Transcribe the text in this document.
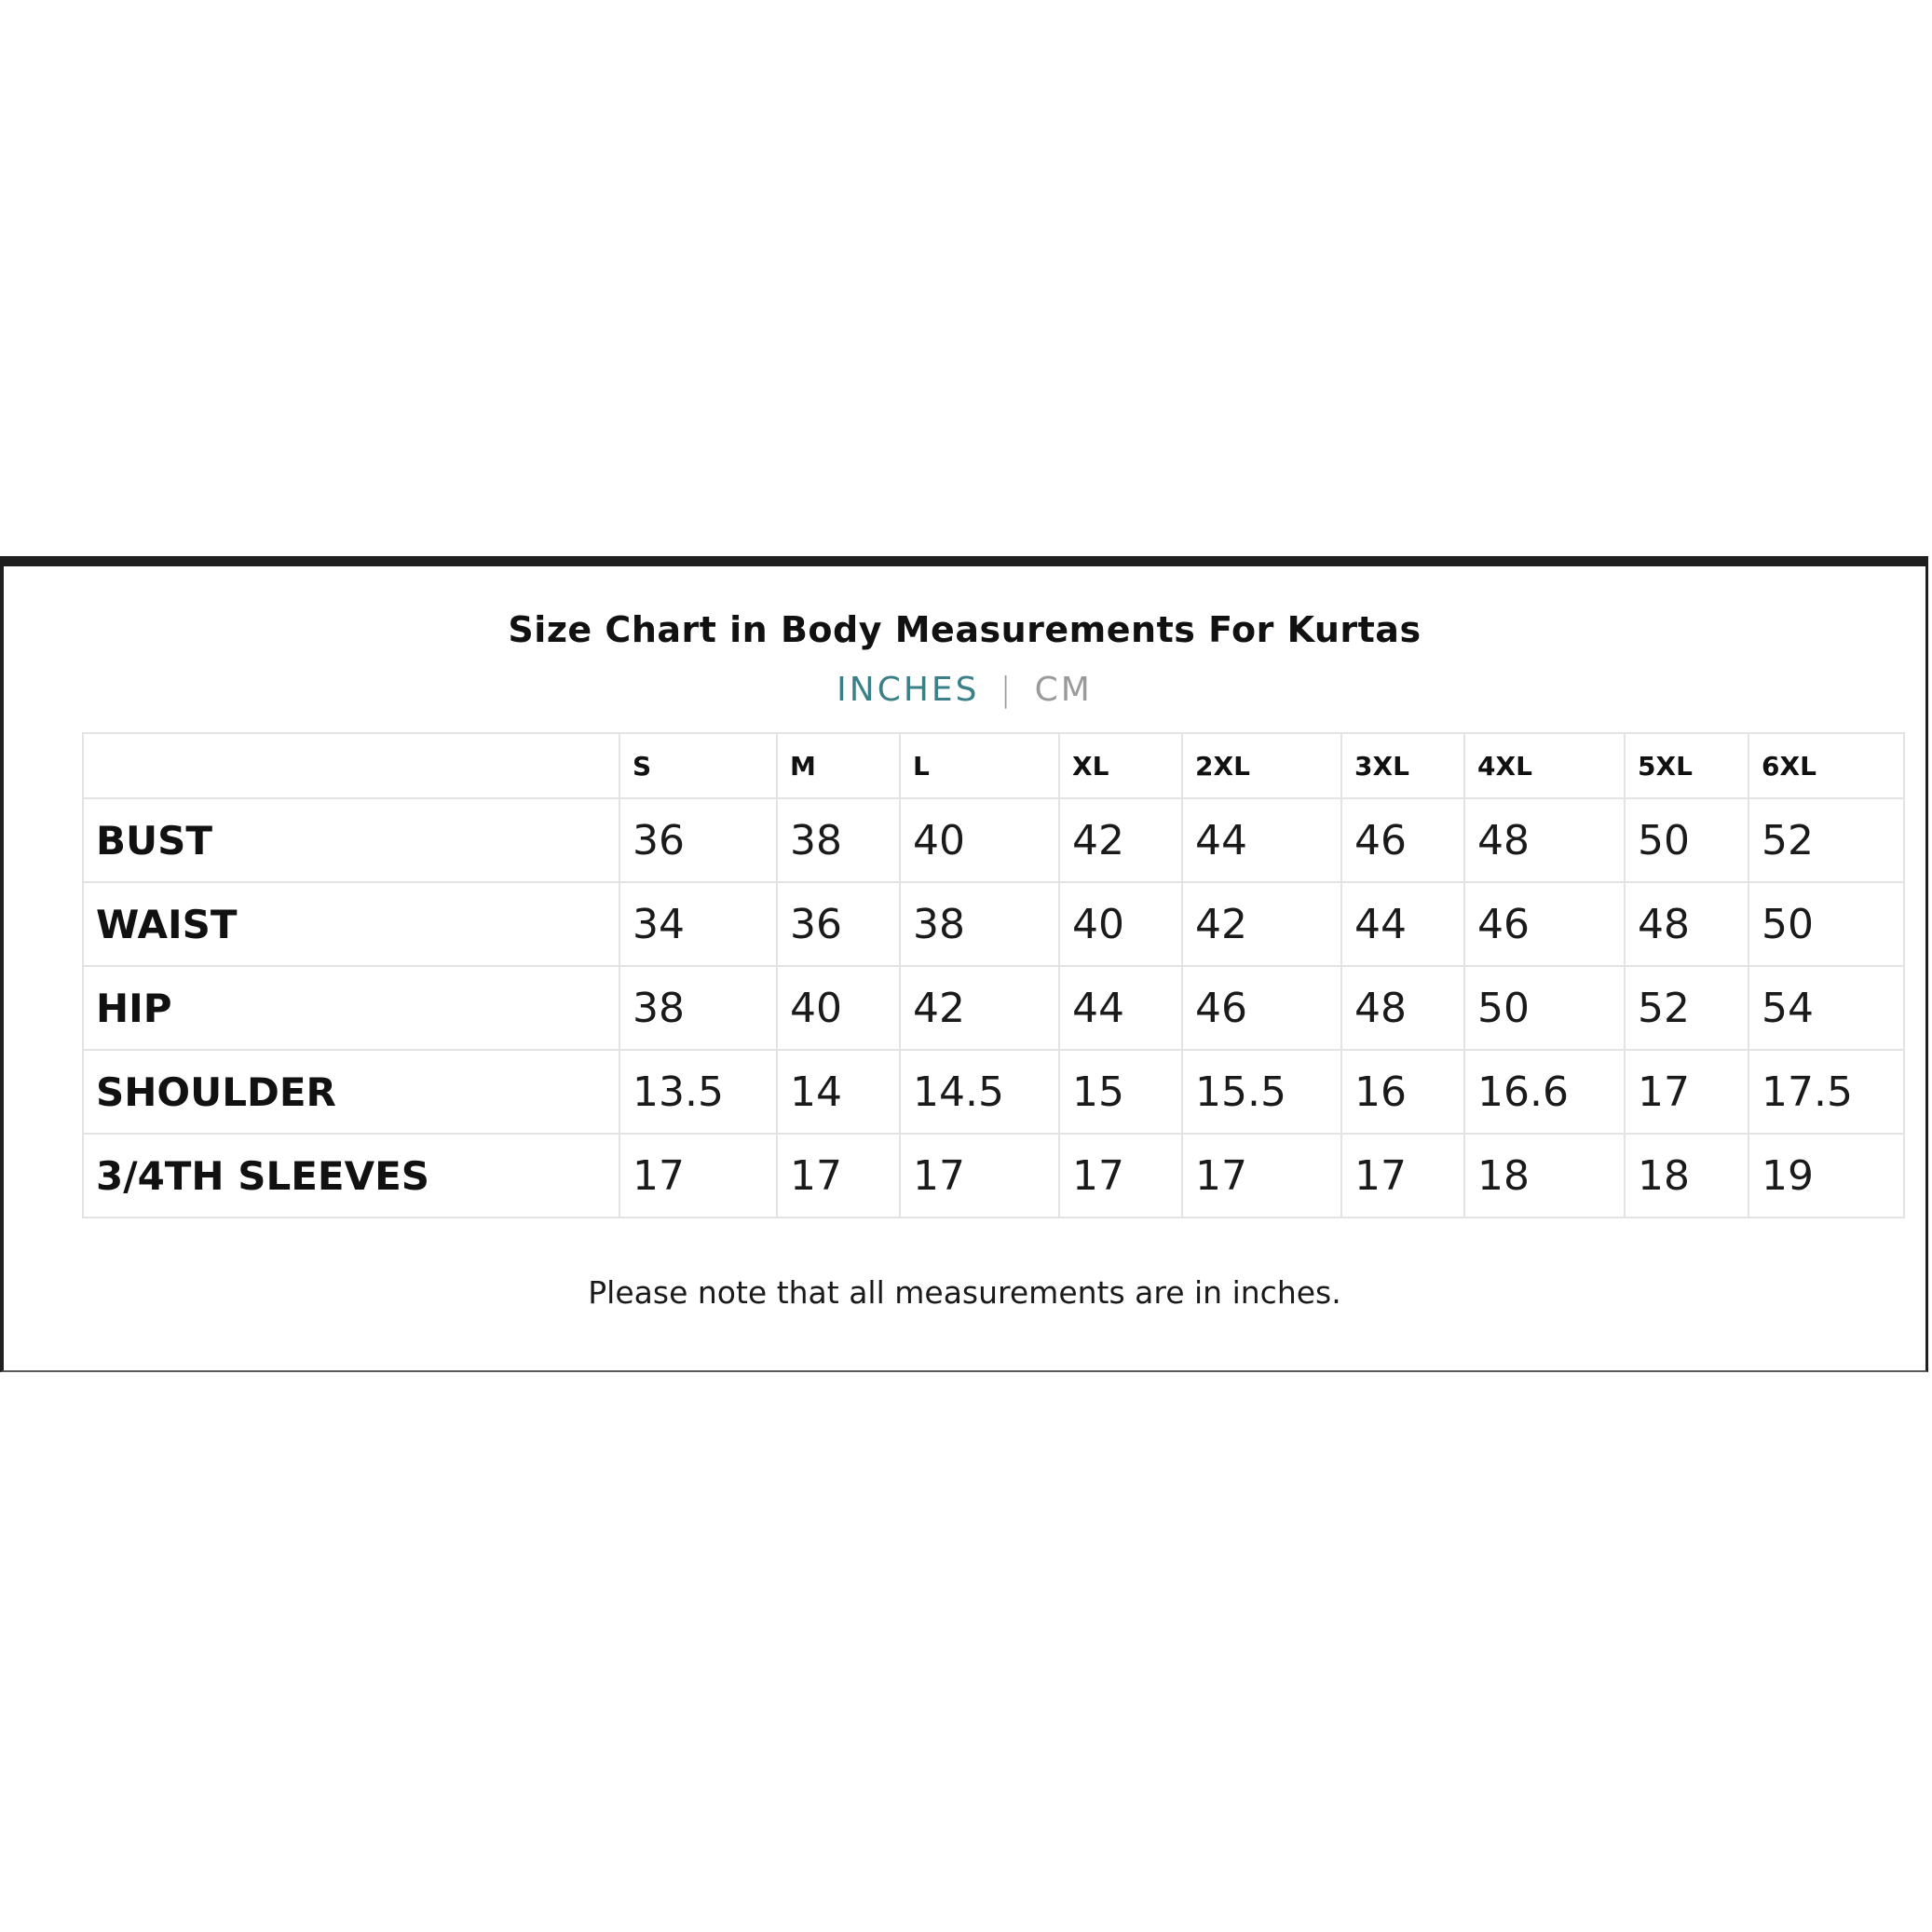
Size Chart in Body Measurements For Kurtas
INCHES | CM
	S	M	L	XL	2XL	3XL	4XL	5XL	6XL
BUST	36	38	40	42	44	46	48	50	52
WAIST	34	36	38	40	42	44	46	48	50
HIP	38	40	42	44	46	48	50	52	54
SHOULDER	13.5	14	14.5	15	15.5	16	16.6	17	17.5
3/4TH SLEEVES	17	17	17	17	17	17	18	18	19
Please note that all measurements are in inches.
